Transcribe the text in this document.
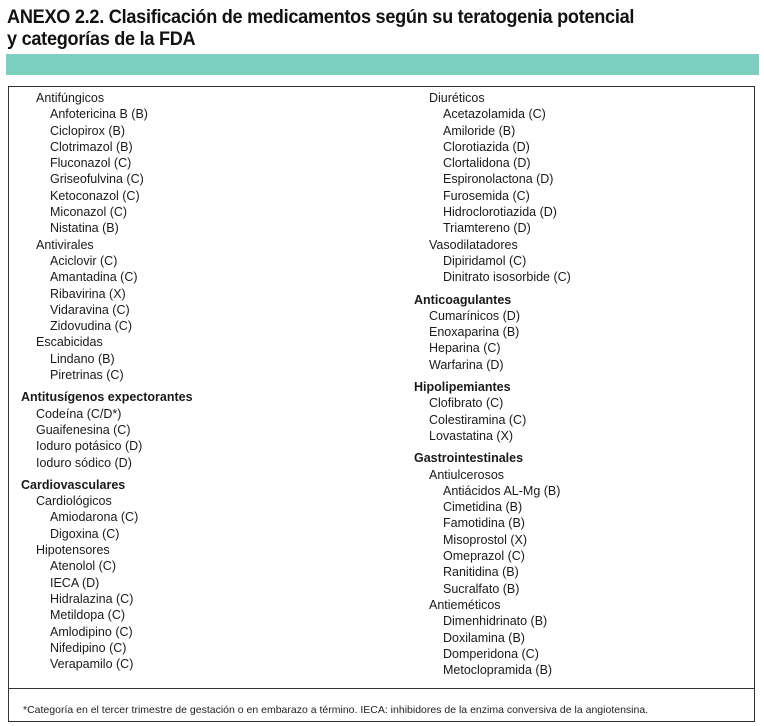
ANEXO 2.2. Clasificación de medicamentos según su teratogenia potencial
y categorías de la FDA
Antifúngicos
Anfotericina B (B)
Ciclopirox (B)
Clotrimazol (B)
Fluconazol (C)
Griseofulvina (C)
Ketoconazol (C)
Miconazol (C)
Nistatina (B)
Antivirales
Aciclovir (C)
Amantadina (C)
Ribavirina (X)
Vidaravina (C)
Zidovudina (C)
Escabicidas
Lindano (B)
Piretrinas (C)
Antitusígenos expectorantes
Codeína (C/D*)
Guaifenesina (C)
Ioduro potásico (D)
Ioduro sódico (D)
Cardiovasculares
Cardiológicos
Amiodarona (C)
Digoxina (C)
Hipotensores
Atenolol (C)
IECA (D)
Hidralazina (C)
Metildopa (C)
Amlodipino (C)
Nifedipino (C)
Verapamilo (C)
Diuréticos
Acetazolamida (C)
Amiloride (B)
Clorotiazida (D)
Clortalidona (D)
Espironolactona (D)
Furosemida (C)
Hidroclorotiazida (D)
Triamtereno (D)
Vasodilatadores
Dipiridamol (C)
Dinitrato isosorbide (C)
Anticoagulantes
Cumarínicos (D)
Enoxaparina (B)
Heparina (C)
Warfarina (D)
Hipolipemiantes
Clofibrato (C)
Colestiramina (C)
Lovastatina (X)
Gastrointestinales
Antiulcerosos
Antiácidos AL-Mg (B)
Cimetidina (B)
Famotidina (B)
Misoprostol (X)
Omeprazol (C)
Ranitidina (B)
Sucralfato (B)
Antieméticos
Dimenhidrinato (B)
Doxilamina (B)
Domperidona (C)
Metoclopramida (B)
*Categoría en el tercer trimestre de gestación o en embarazo a término. IECA: inhibidores de la enzima conversiva de la angiotensina.
